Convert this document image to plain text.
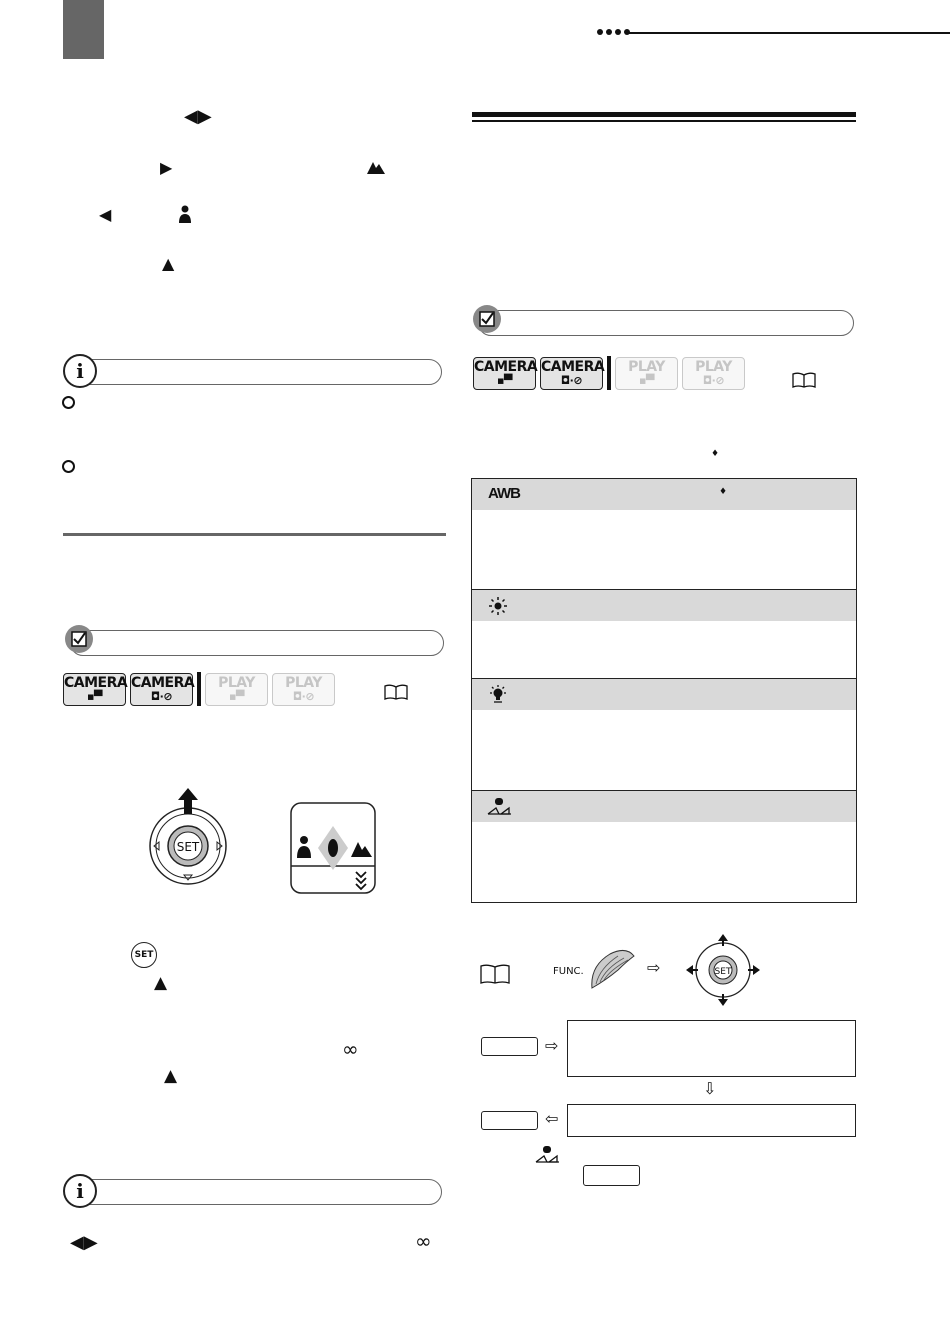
◀▶
▶
◀
▲
i
CAMERA
▪▀
CAMERA
◘·⊘
PLAY
▪▀
PLAY
◘·⊘
SET
SET
▲
∞
▲
i
◀▶	∞
CAMERA
▪▀
CAMERA
◘·⊘
PLAY
▪▀
PLAY
◘·⊘
♦
AWB	♦
FUNC.	⇨	SET
⇨
⇩
⇦
